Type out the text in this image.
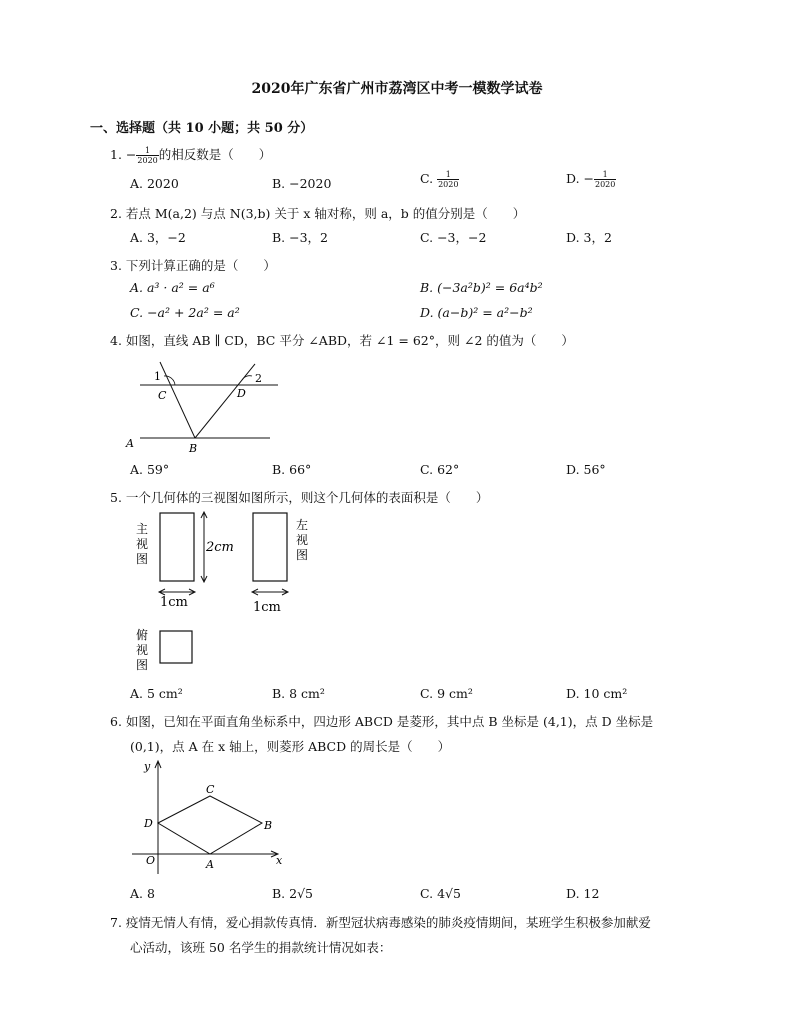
2020年广东省广州市荔湾区中考一模数学试卷
一、选择题（共 10 小题；共 50 分）
1. − $\frac{1}{2020}$ 的相反数是（　　）
A. 2020	B. −2020	C. $\frac{1}{2020}$	D. − $\frac{1}{2020}$
2. 若点 M(a,2) 与点 N(3,b) 关于 x 轴对称，则 a，b 的值分别是（　　）
A. 3，−2	B. −3，2	C. −3，−2	D. 3，2
3. 下列计算正确的是（　　）
A. a³ · a² = a⁶	B. (−3a²b)² = 6a⁴b²
C. −a² + 2a² = a²	D. (a−b)² = a²−b²
4. 如图，直线 AB ∥ CD，BC 平分 ∠ABD，若 ∠1 = 62°，则 ∠2 的值为（　　）
1	2
C	D
A	B
A. 59°	B. 66°	C. 62°	D. 56°
5. 一个几何体的三视图如图所示，则这个几何体的表面积是（　　）
主
视
图
2cm
1cm
左
视
图
1cm
俯
视
图
A. 5 cm²	B. 8 cm²	C. 9 cm²	D. 10 cm²
6. 如图，已知在平面直角坐标系中，四边形 ABCD 是菱形，其中点 B 坐标是 (4,1)，点 D 坐标是
(0,1)，点 A 在 x 轴上，则菱形 ABCD 的周长是（　　）
y
x
O	A
B
C
D
A. 8	B. 2√5	C. 4√5	D. 12
7. 疫情无情人有情，爱心捐款传真情．新型冠状病毒感染的肺炎疫情期间，某班学生积极参加献爱
心活动，该班 50 名学生的捐款统计情况如表：
